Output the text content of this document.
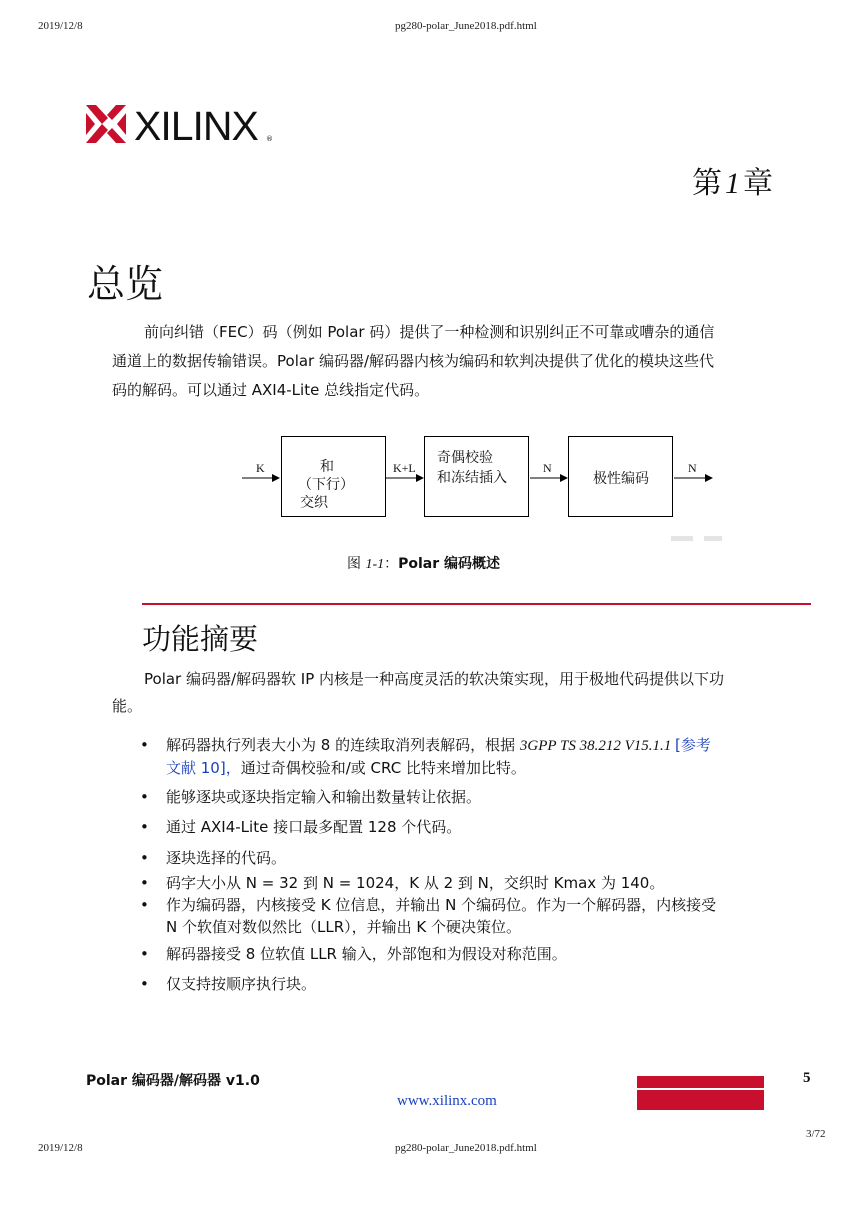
2019/12/8	pg280-polar_June2018.pdf.html
XILINX ®
第 1 章
总览
前向纠错（FEC）码（例如 Polar 码）提供了一种检测和识别纠正不可靠或嘈杂的通信
通道上的数据传输错误。Polar 编码器/解码器内核为编码和软判决提供了优化的模块这些代
码的解码。可以通过 AXI4-Lite 总线指定代码。
K	K+L	N	N
和
（下行）
交织
奇偶校验
和冻结插入	极性编码
图 1-1：Polar 编码概述
功能摘要
Polar 编码器/解码器软 IP 内核是一种高度灵活的软决策实现，用于极地代码提供以下功
能。
• 解码器执行列表大小为 8 的连续取消列表解码，根据 3GPP TS 38.212 V15.1.1 [参考
文献 10]，通过奇偶校验和/或 CRC 比特来增加比特。
• 能够逐块或逐块指定输入和输出数量转让依据。
• 通过 AXI4-Lite 接口最多配置 128 个代码。
• 逐块选择的代码。
• 码字大小从 N = 32 到 N = 1024，K 从 2 到 N，交织时 Kmax 为 140。
• 作为编码器，内核接受 K 位信息，并输出 N 个编码位。作为一个解码器，内核接受
N 个软值对数似然比（LLR），并输出 K 个硬决策位。
• 解码器接受 8 位软值 LLR 输入，外部饱和为假设对称范围。
• 仅支持按顺序执行块。
Polar 编码器/解码器 v1.0	5
www.xilinx.com
3/72
2019/12/8	pg280-polar_June2018.pdf.html
